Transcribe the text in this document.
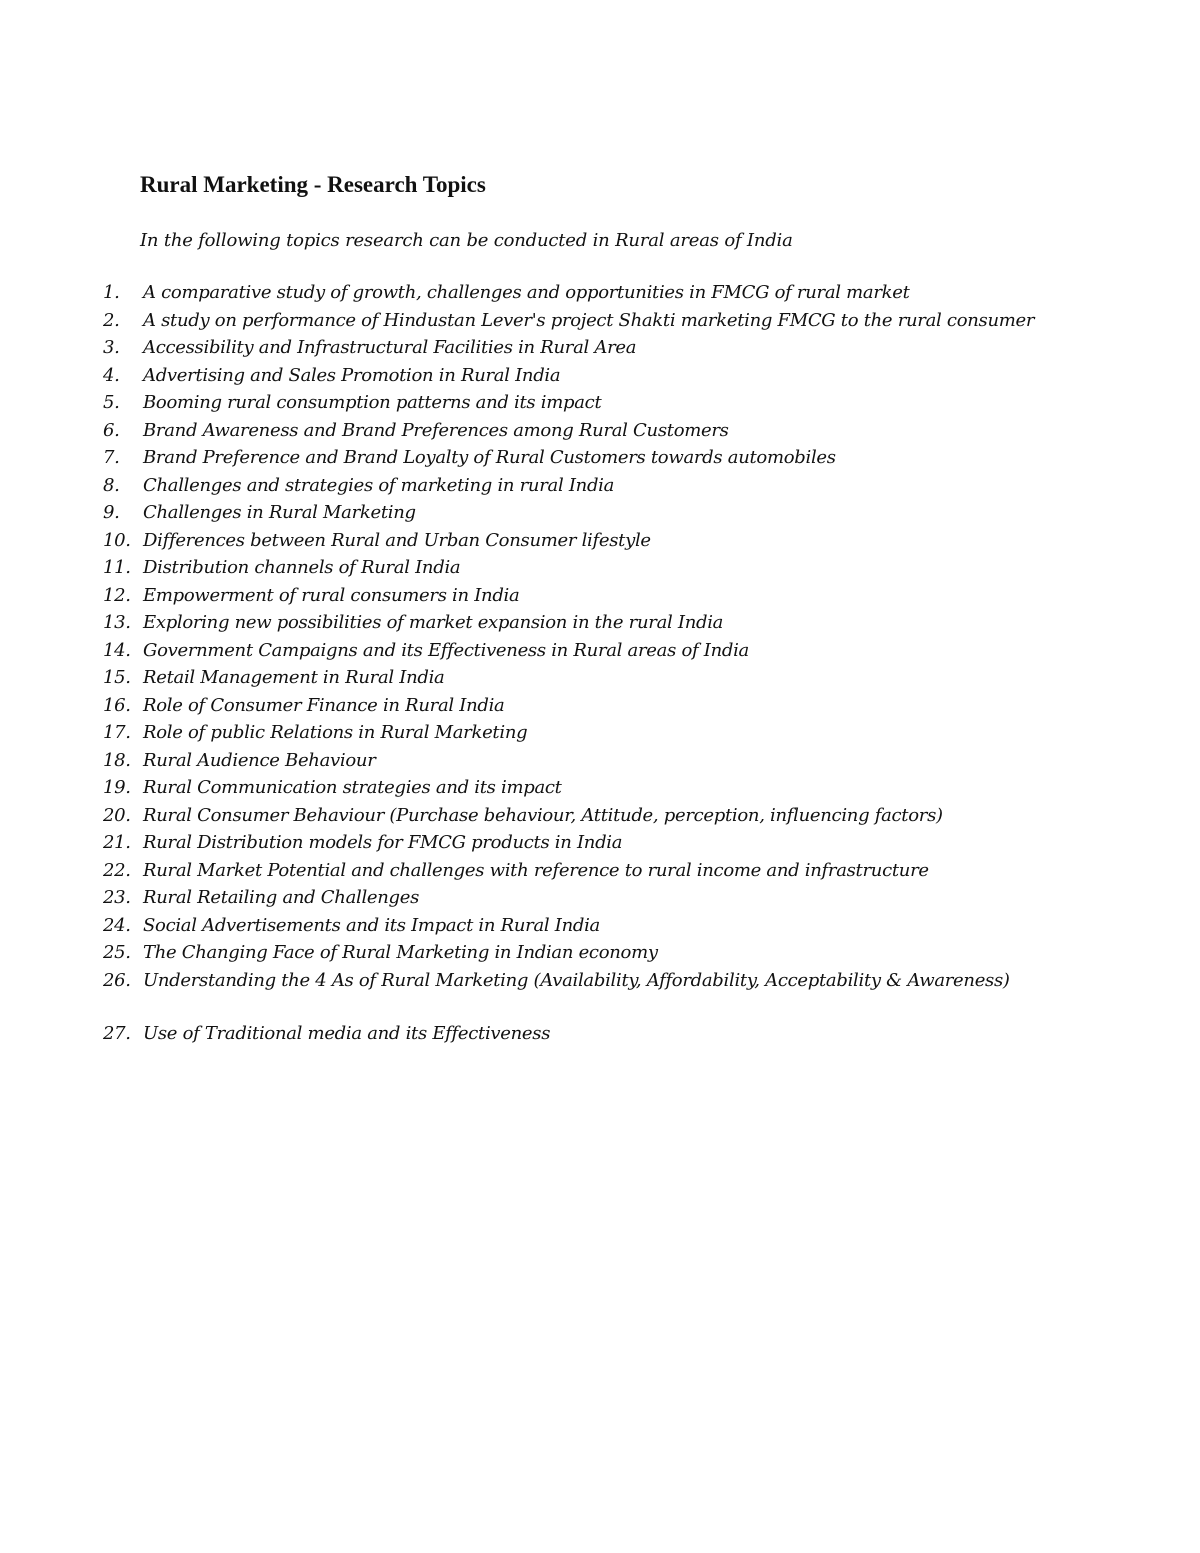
Rural Marketing - Research Topics
In the following topics research can be conducted in Rural areas of India
1.	A comparative study of growth, challenges and opportunities in FMCG of rural market
2.	A study on performance of Hindustan Lever's project Shakti marketing FMCG to the rural consumer
3.	Accessibility and Infrastructural Facilities in Rural Area
4.	Advertising and Sales Promotion in Rural India
5.	Booming rural consumption patterns and its impact
6.	Brand Awareness and Brand Preferences among Rural Customers
7.	Brand Preference and Brand Loyalty of Rural Customers towards automobiles
8.	Challenges and strategies of marketing in rural India
9.	Challenges in Rural Marketing
10. Differences between Rural and Urban Consumer lifestyle
11. Distribution channels of Rural India
12. Empowerment of rural consumers in India
13. Exploring new possibilities of market expansion in the rural India
14. Government Campaigns and its Effectiveness in Rural areas of India
15. Retail Management in Rural India
16. Role of Consumer Finance in Rural India
17. Role of public Relations in Rural Marketing
18. Rural Audience Behaviour
19. Rural Communication strategies and its impact
20. Rural Consumer Behaviour (Purchase behaviour, Attitude, perception, influencing factors)
21. Rural Distribution models for FMCG products in India
22. Rural Market Potential and challenges with reference to rural income and infrastructure
23. Rural Retailing and Challenges
24. Social Advertisements and its Impact in Rural India
25. The Changing Face of Rural Marketing in Indian economy
26. Understanding the 4 As of Rural Marketing (Availability, Affordability, Acceptability & Awareness)
27. Use of Traditional media and its Effectiveness
